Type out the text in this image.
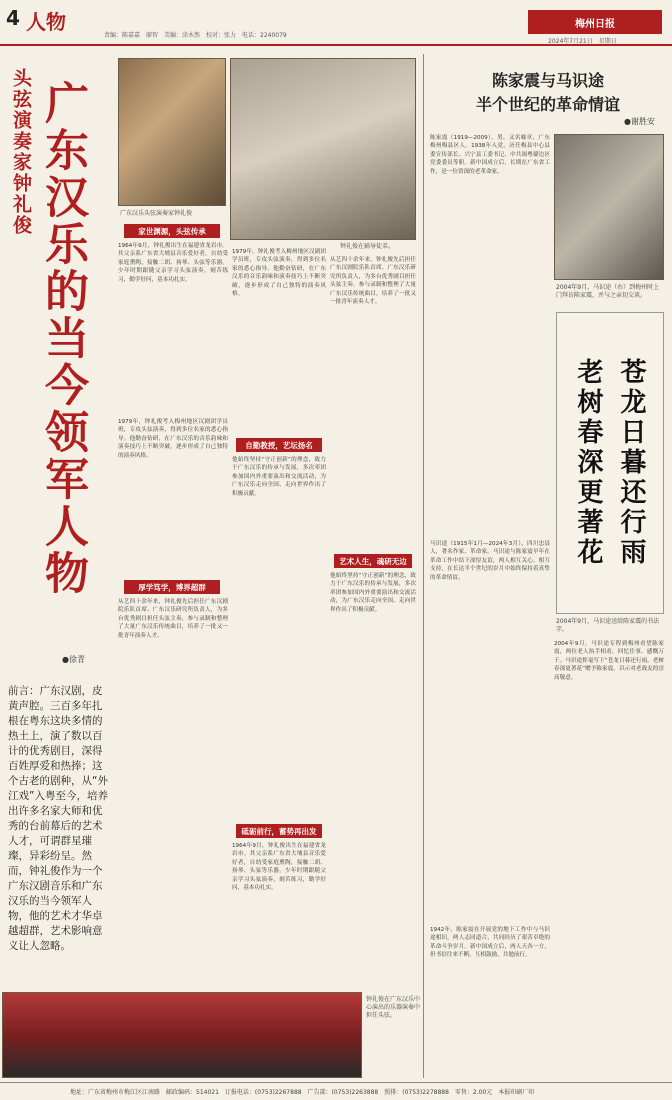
4 人物
责编：陈嘉嘉　廖智　美编：涂木然　校对：张力　电话：2240079
梅州日报
2024年7月21日　星期日
头弦演奏家钟礼俊 广东汉乐的当今领军人物
●徐青
前言：广东汉剧，皮黄声腔。三百多年扎根在粤东这块多情的热土上，演了数以百计的优秀剧目，深得百姓厚爱和热捧；这个古老的剧种，从“外江戏”入粤至今，培养出许多名家大师和优秀的台前幕后的艺术人才，可谓群星璀璨，异彩纷呈。然而，钟礼俊作为一个广东汉剧音乐和广东汉乐的当今领军人物，他的艺术才华卓越超群，艺术影响意义让人忽略。
广东汉乐头弦演奏家钟礼俊
钟礼俊在辅导徒弟。
家世渊源，头弦传承
1964年9月，钟礼俊出生在福建省龙岩市。其父亲系广东省大埔县音乐爱好者，自幼受家庭熏陶，接触二胡、扬琴、头弦等乐器。少年时期跟随父亲学习头弦演奏，刻苦练习，勤学好问，基本功扎实。
1979年，钟礼俊考入梅州地区汉剧团学员班，专攻头弦演奏，得到多位名家的悉心指导。他勤奋钻研，在广东汉乐的音乐韵味和演奏技巧上不断突破，逐步形成了自己独特的演奏风格。
厚学笃学，博界超群
从艺四十余年来，钟礼俊先后担任广东汉剧院乐队首席、广东汉乐研究所负责人，为多台优秀剧目担任头弦主奏，参与录制和整理了大量广东汉乐传统曲目，培养了一批又一批青年演奏人才。
1979年，钟礼俊考入梅州地区汉剧团学员班，专攻头弦演奏，得到多位名家的悉心指导。他勤奋钻研，在广东汉乐的音乐韵味和演奏技巧上不断突破，逐步形成了自己独特的演奏风格。
自勤教授，艺坛扬名
他始终坚持“守正创新”的理念，致力于广东汉乐的传承与发展，多次率团参加国内外重要演出和交流活动，为广东汉乐走向全国、走向世界作出了积极贡献。
砥砺前行，蓄势再出发
1964年9月，钟礼俊出生在福建省龙岩市。其父亲系广东省大埔县音乐爱好者，自幼受家庭熏陶，接触二胡、扬琴、头弦等乐器。少年时期跟随父亲学习头弦演奏，刻苦练习，勤学好问，基本功扎实。
从艺四十余年来，钟礼俊先后担任广东汉剧院乐队首席、广东汉乐研究所负责人，为多台优秀剧目担任头弦主奏，参与录制和整理了大量广东汉乐传统曲目，培养了一批又一批青年演奏人才。
艺术人生，魂研无边
他始终坚持“守正创新”的理念，致力于广东汉乐的传承与发展，多次率团参加国内外重要演出和交流活动，为广东汉乐走向全国、走向世界作出了积极贡献。
钟礼俊在广东汉乐中心演出的乐器演奏中担任头弦。
陈家震与马识途
半个世纪的革命情谊
●谢胜安
陈家震（1919—2009），男，又名喻章，广东梅州梅县区人。1938年入党，历任梅县中心县委宣传部长、兴宁县工委书记、中共闽粤赣边区党委委员等职。新中国成立后，长期在广东省工作，是一位资深的老革命家。
2004年9月，马识途（右）到梅州时上门拜访陈家震，并与之亲切交谈。
老树春深更著花 苍龙日暮还行雨
2004年9月，马识途送给陈家震的书法字。
马识途（1915年1月—2024年3月），四川忠县人，著名作家、革命家。马识途与陈家震早年在革命工作中结下深厚友谊，两人相互关心、相互支持，在长达半个世纪的岁月中始终保持着真挚的革命情谊。
1942年，陈家震在开展党的地下工作中与马识途相识。两人志同道合，共同经历了艰苦卓绝的革命斗争岁月。新中国成立后，两人天各一方，但书信往来不断，互相鼓励，共勉前行。
2004年9月，马识途专程到梅州看望陈家震，两位老人执手相看，回忆往事，感慨万千。马识途挥毫写下“苍龙日暮还行雨，老树春深更著花”赠予陈家震，以示对老战友的崇高敬意。
地址：广东省梅州市梅江区江南路　邮政编码：514021　订报电话：(0753)2267888　广告部：(0753)2263888　照排：(0753)2278888　零售：2.00元　本报印刷厂印
